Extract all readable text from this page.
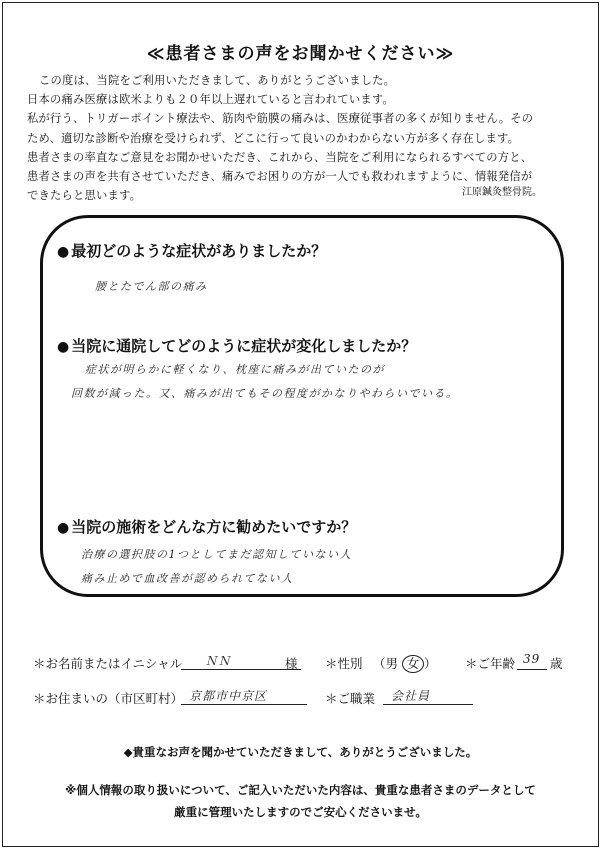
≪患者さまの声をお聞かせください≫
この度は、当院をご利用いただきまして、ありがとうございました。
日本の痛み医療は欧米よりも２０年以上遅れていると言われています。
私が行う、トリガーポイント療法や、筋肉や筋膜の痛みは、医療従事者の多くが知りません。その
ため、適切な診断や治療を受けられず、どこに行って良いのかわからない方が多く存在します。
患者さまの率直なご意見をお聞かせいただき、これから、当院をご利用になられるすべての方と、
患者さまの声を共有させていただき、痛みでお困りの方が一人でも救われますように、情報発信が
できたらと思います。	江原鍼灸整骨院。
● 最初どのような症状がありましたか？
腰とたでん部の痛み
● 当院に通院してどのように症状が変化しましたか？
症状が明らかに軽くなり、枕座に痛みが出ていたのが
回数が減った。又、痛みが出てもその程度がかなりやわらいでいる。
● 当院の施術をどんな方に勧めたいですか？
治療の選択肢の1つとしてまだ認知していない人
痛み止めで血改善が認められてない人
＊お名前またはイニシャル ＮＮ	様 ＊性別 （男 女 ） ＊ご年齢 39 歳
＊お住まいの（市区町村） 京都市中京区	＊ご職業 会社員
◆貴重なお声を聞かせていただきまして、ありがとうございました。
※個人情報の取り扱いについて、ご記入いただいた内容は、貴重な患者さまのデータとして
厳重に管理いたしますのでご安心くださいませ。
